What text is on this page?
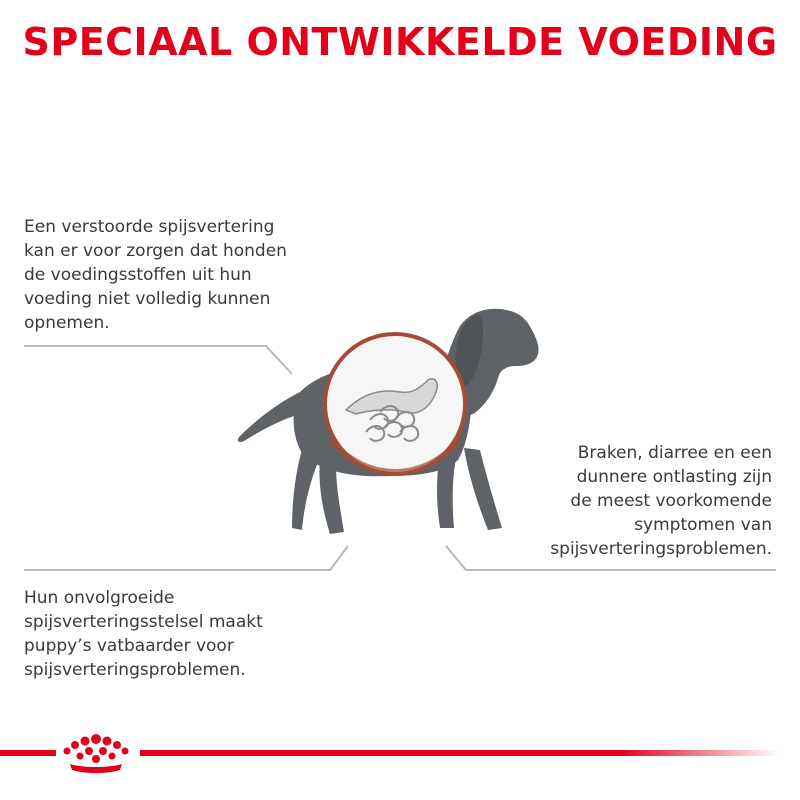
SPECIAAL ONTWIKKELDE VOEDING

Een verstoorde spijsvertering
kan er voor zorgen dat honden
de voedingsstoffen uit hun
voeding niet volledig kunnen
opnemen.

Braken, diarree en een
dunnere ontlasting zijn
de meest voorkomende
symptomen van
spijsverteringsproblemen.

Hun onvolgroeide
spijsverteringsstelsel maakt
puppy’s vatbaarder voor
spijsverteringsproblemen.
